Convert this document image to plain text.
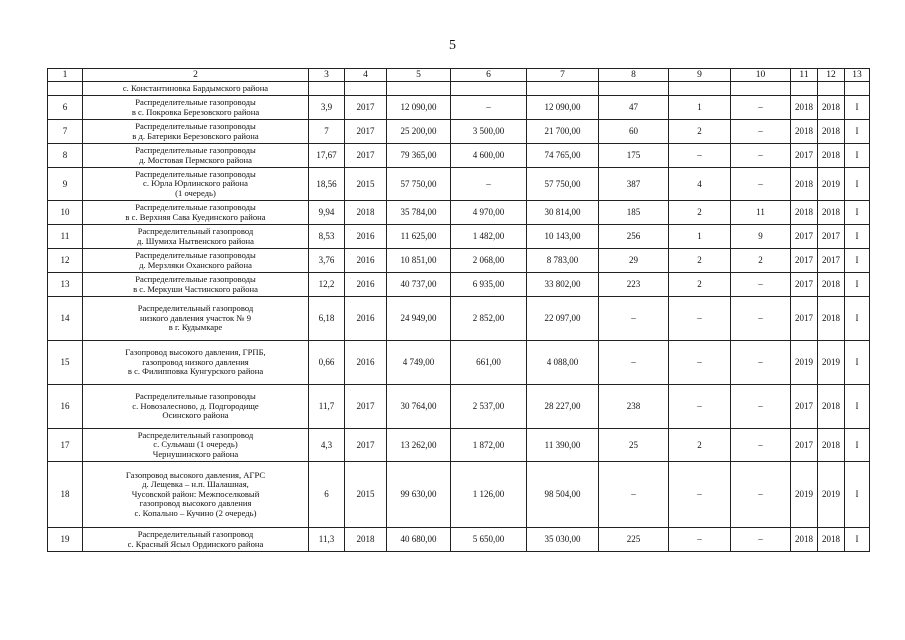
5
1	2	3	4	5	6	7	8	9	10	11	12	13
	с. Константиновка Бардымского района											
6	Распределительные газопроводы
в с. Покровка Березовского района	3,9	2017	12 090,00	–	12 090,00	47	1	–	2018	2018	I
7	Распределительные газопроводы
в д. Батерики Березовского района	7	2017	25 200,00	3 500,00	21 700,00	60	2	–	2018	2018	I
8	Распределительные газопроводы
д. Мостовая Пермского района	17,67	2017	79 365,00	4 600,00	74 765,00	175	–	–	2017	2018	I
9	Распределительные газопроводы
с. Юрла Юрлинского района
(1 очередь)	18,56	2015	57 750,00	–	57 750,00	387	4	–	2018	2019	I
10	Распределительные газопроводы
в с. Верхняя Сава Куединского района	9,94	2018	35 784,00	4 970,00	30 814,00	185	2	11	2018	2018	I
11	Распределительный газопровод
д. Шумиха Нытвенского района	8,53	2016	11 625,00	1 482,00	10 143,00	256	1	9	2017	2017	I
12	Распределительные газопроводы
д. Мерзляки Оханского района	3,76	2016	10 851,00	2 068,00	8 783,00	29	2	2	2017	2017	I
13	Распределительные газопроводы
в с. Меркуши Частинского района	12,2	2016	40 737,00	6 935,00	33 802,00	223	2	–	2017	2018	I
14	Распределительный газопровод
низкого давления участок № 9
в г. Кудымкаре	6,18	2016	24 949,00	2 852,00	22 097,00	–	–	–	2017	2018	I
15	Газопровод высокого давления, ГРПБ,
газопровод низкого давления
в с. Филипповка Кунгурского района	0,66	2016	4 749,00	661,00	4 088,00	–	–	–	2019	2019	I
16	Распределительные газопроводы
с. Новозалесново, д. Подгородище
Осинского района	11,7	2017	30 764,00	2 537,00	28 227,00	238	–	–	2017	2018	I
17	Распределительный газопровод
с. Сульмаш (1 очередь)
Чернушинского района	4,3	2017	13 262,00	1 872,00	11 390,00	25	2	–	2017	2018	I
18	Газопровод высокого давления, АГРС
д. Лещевка – н.п. Шалашная,
Чусовской район: Межпоселковый
газопровод высокого давления
с. Копально – Кучино (2 очередь)	6	2015	99 630,00	1 126,00	98 504,00	–	–	–	2019	2019	I
19	Распределительный газопровод
с. Красный Ясыл Ординского района	11,3	2018	40 680,00	5 650,00	35 030,00	225	–	–	2018	2018	I
